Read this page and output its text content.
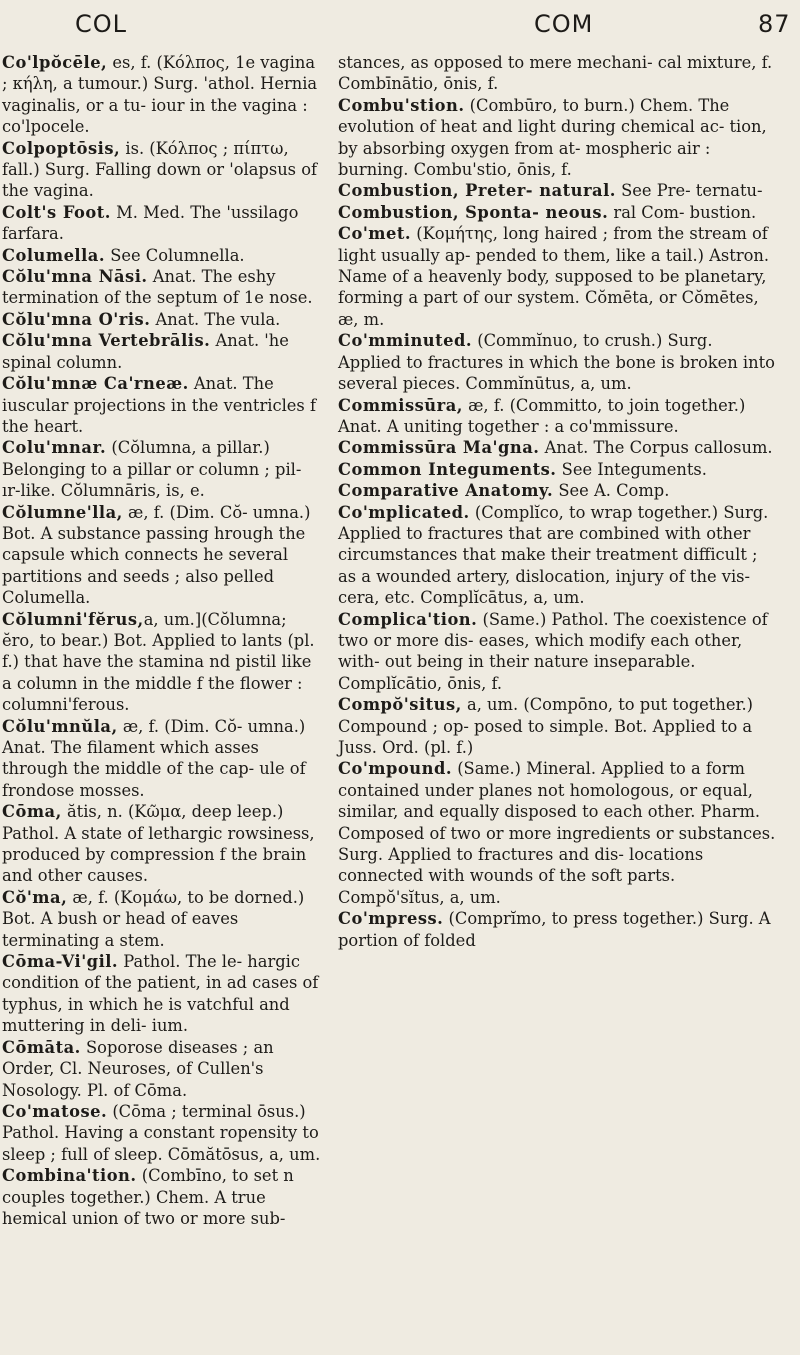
COL	COM	87
Co'lpŏcēle, es, f. (Κόλπος, 1e vagina ; κήλη, a tumour.) Surg. 'athol. Hernia vaginalis, or a tu- iour in the vagina : co'lpocele.
Colpoptōsis, is. (Κόλπος ; πίπτω, fall.) Surg. Falling down or 'olapsus of the vagina.
Colt's Foot. M. Med. The 'ussilago farfara.
Columella. See Columnella.
Cŏlu'mna Nāsi. Anat. The eshy termination of the septum of 1e nose.
Cŏlu'mna O'ris. Anat. The vula.
Cŏlu'mna Vertebrālis. Anat. 'he spinal column.
Cŏlu'mnæ Ca'rneæ. Anat. The iuscular projections in the ventricles f the heart.
Colu'mnar. (Cŏlumna, a pillar.) Belonging to a pillar or column ; pil- ır-like. Cŏlumnāris, is, e.
Cŏlumne'lla, æ, f. (Dim. Cŏ- umna.) Bot. A substance passing hrough the capsule which connects he several partitions and seeds ; also pelled Columella.
Cŏlumni'fĕrus,a, um.](Cŏlumna; ĕro, to bear.) Bot. Applied to lants (pl. f.) that have the stamina nd pistil like a column in the middle f the flower : columni'ferous.
Cŏlu'mnŭla, æ, f. (Dim. Cŏ- umna.) Anat. The filament which asses through the middle of the cap- ule of frondose mosses.
Cōma, ătis, n. (Κῶμα, deep leep.) Pathol. A state of lethargic rowsiness, produced by compression f the brain and other causes.
Cŏ'ma, æ, f. (Κομάω, to be dorned.) Bot. A bush or head of eaves terminating a stem.
Cōma-Vi'gil. Pathol. The le- hargic condition of the patient, in ad cases of typhus, in which he is vatchful and muttering in deli- ium.
Cōmāta. Soporose diseases ; an Order, Cl. Neuroses, of Cullen's Nosology. Pl. of Cōma.
Co'matose. (Cōma ; terminal ōsus.) Pathol. Having a constant ropensity to sleep ; full of sleep. Cōmătōsus, a, um.
Combina'tion. (Combīno, to set n couples together.) Chem. A true hemical union of two or more sub-
stances, as opposed to mere mechani- cal mixture, f. Combīnātio, ōnis, f.
Combu'stion. (Combūro, to burn.) Chem. The evolution of heat and light during chemical ac- tion, by absorbing oxygen from at- mospheric air : burning. Combu'stio, ōnis, f.
Combustion, Preter- natural. See Pre- ternatu-
Combustion, Sponta- neous. ral Com- bustion.
Co'met. (Κομήτης, long haired ; from the stream of light usually ap- pended to them, like a tail.) Astron. Name of a heavenly body, supposed to be planetary, forming a part of our system. Cŏmēta, or Cŏmētes, æ, m.
Co'mminuted. (Commĭnuo, to crush.) Surg. Applied to fractures in which the bone is broken into several pieces. Commĭnūtus, a, um.
Commissūra, æ, f. (Committo, to join together.) Anat. A uniting together : a co'mmissure.
Commissūra Ma'gna. Anat. The Corpus callosum.
Common Integuments. See Integuments.
Comparative Anatomy. See A. Comp.
Co'mplicated. (Complĭco, to wrap together.) Surg. Applied to fractures that are combined with other circumstances that make their treatment difficult ; as a wounded artery, dislocation, injury of the vis- cera, etc. Complĭcātus, a, um.
Complica'tion. (Same.) Pathol. The coexistence of two or more dis- eases, which modify each other, with- out being in their nature inseparable. Complĭcātio, ōnis, f.
Compŏ'situs, a, um. (Compōno, to put together.) Compound ; op- posed to simple. Bot. Applied to a Juss. Ord. (pl. f.)
Co'mpound. (Same.) Mineral. Applied to a form contained under planes not homologous, or equal, similar, and equally disposed to each other. Pharm. Composed of two or more ingredients or substances. Surg. Applied to fractures and dis- locations connected with wounds of the soft parts. Compŏ'sĭtus, a, um.
Co'mpress. (Comprĭmo, to press together.) Surg. A portion of folded
